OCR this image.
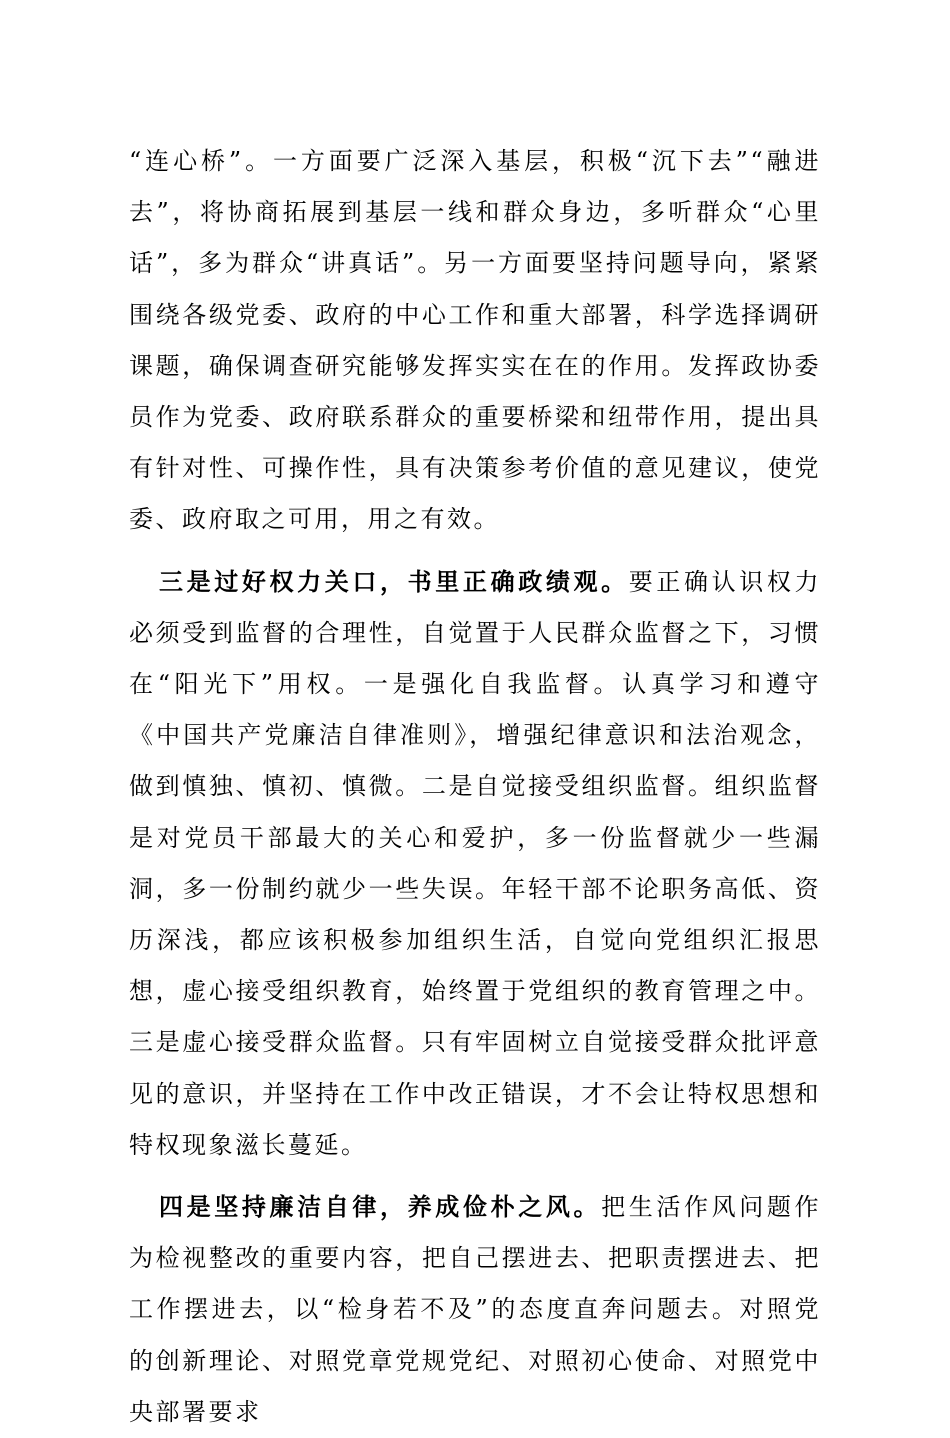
“连心桥”。一方面要广泛深入基层，积极“沉下去”“融进去”，将协商拓展到基层一线和群众身边，多听群众“心里话”，多为群众“讲真话”。另一方面要坚持问题导向，紧紧围绕各级党委、政府的中心工作和重大部署，科学选择调研课题，确保调查研究能够发挥实实在在的作用。发挥政协委员作为党委、政府联系群众的重要桥梁和纽带作用，提出具有针对性、可操作性，具有决策参考价值的意见建议，使党委、政府取之可用，用之有效。

三是过好权力关口，书里正确政绩观。要正确认识权力必须受到监督的合理性，自觉置于人民群众监督之下，习惯在“阳光下”用权。一是强化自我监督。认真学习和遵守《中国共产党廉洁自律准则》，增强纪律意识和法治观念，做到慎独、慎初、慎微。二是自觉接受组织监督。组织监督是对党员干部最大的关心和爱护，多一份监督就少一些漏洞，多一份制约就少一些失误。年轻干部不论职务高低、资历深浅，都应该积极参加组织生活，自觉向党组织汇报思想，虚心接受组织教育，始终置于党组织的教育管理之中。三是虚心接受群众监督。只有牢固树立自觉接受群众批评意见的意识，并坚持在工作中改正错误，才不会让特权思想和特权现象滋长蔓延。

四是坚持廉洁自律，养成俭朴之风。把生活作风问题作为检视整改的重要内容，把自己摆进去、把职责摆进去、把工作摆进去，以“检身若不及”的态度直奔问题去。对照党的创新理论、对照党章党规党纪、对照初心使命、对照党中央部署要求
